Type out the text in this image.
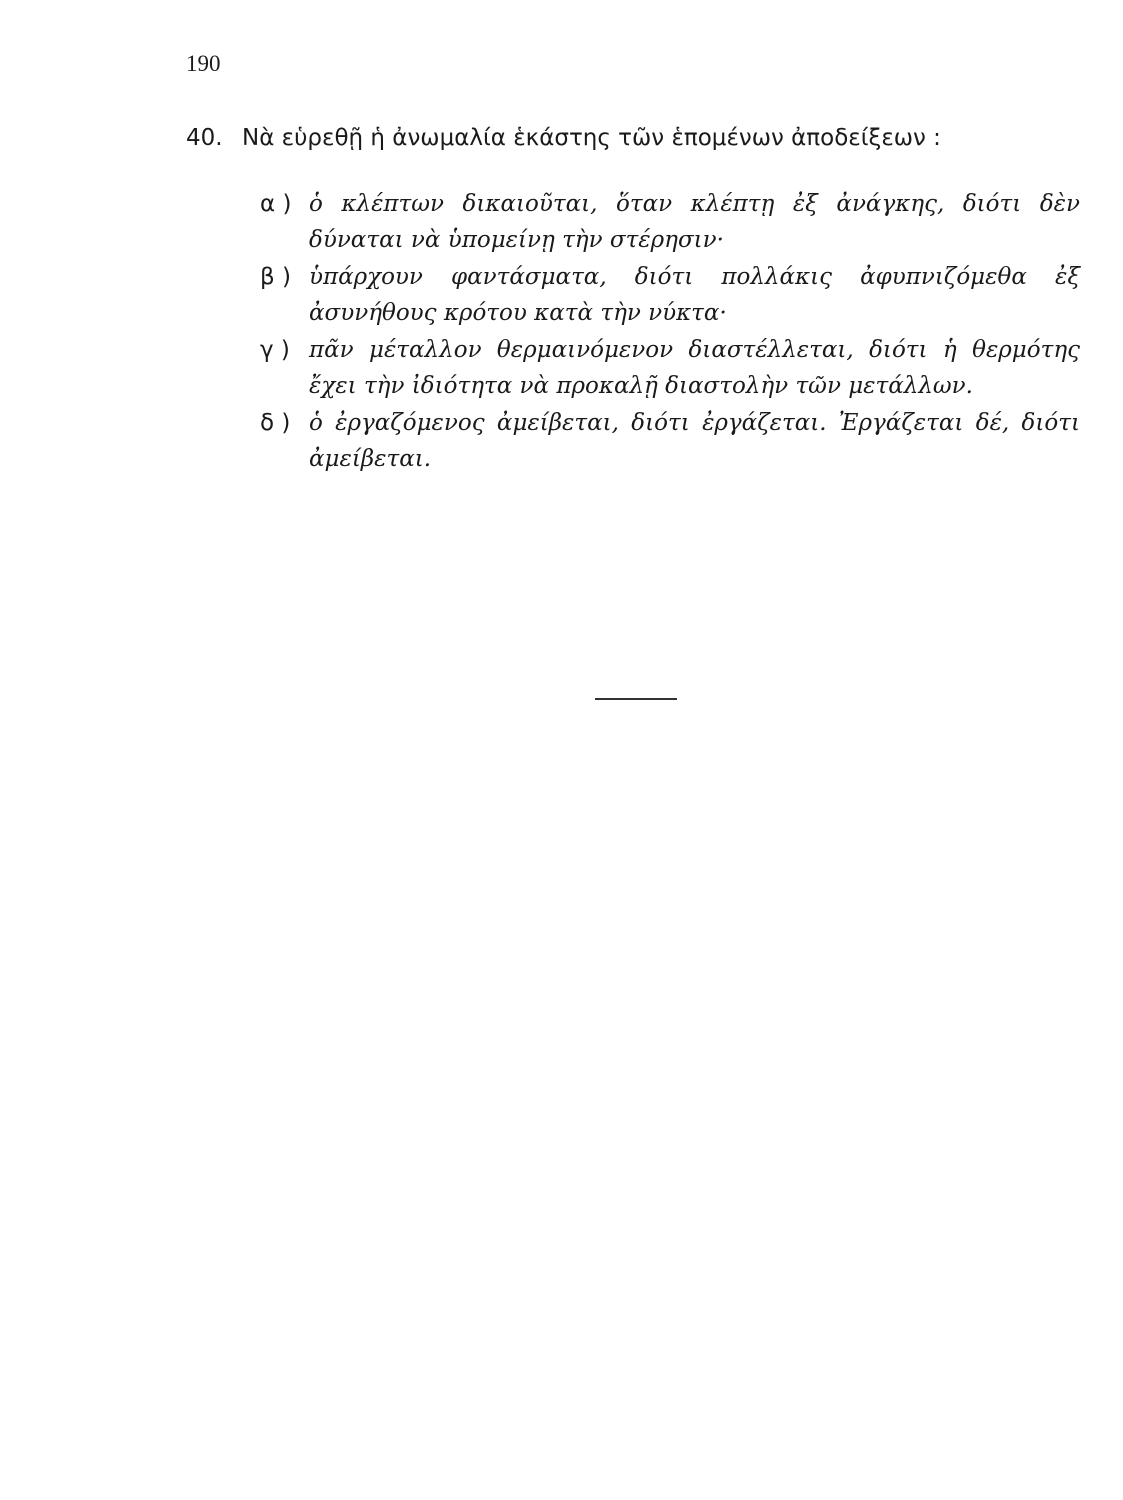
190
40. Νὰ εὑρεθῇ ἡ ἀνωμαλία ἑκάστης τῶν ἑπομένων ἀποδείξεων :
α ) ὁ κλέπτων δικαιοῦται, ὅταν κλέπτῃ ἐξ ἀνάγκης, διότι δὲν δύναται νὰ ὑπομείνῃ τὴν στέρησιν·
β ) ὑπάρχουν φαντάσματα, διότι πολλάκις ἀφυπνιζόμεθα ἐξ ἀσυνήθους κρότου κατὰ τὴν νύκτα·
γ ) πᾶν μέταλλον θερμαινόμενον διαστέλλεται, διότι ἡ θερμότης ἔχει τὴν ἰδιότητα νὰ προκαλῇ διαστολὴν τῶν μετάλλων.
δ ) ὁ ἐργαζόμενος ἀμείβεται, διότι ἐργάζεται. Ἐργάζεται δέ, διότι ἀμείβεται.
